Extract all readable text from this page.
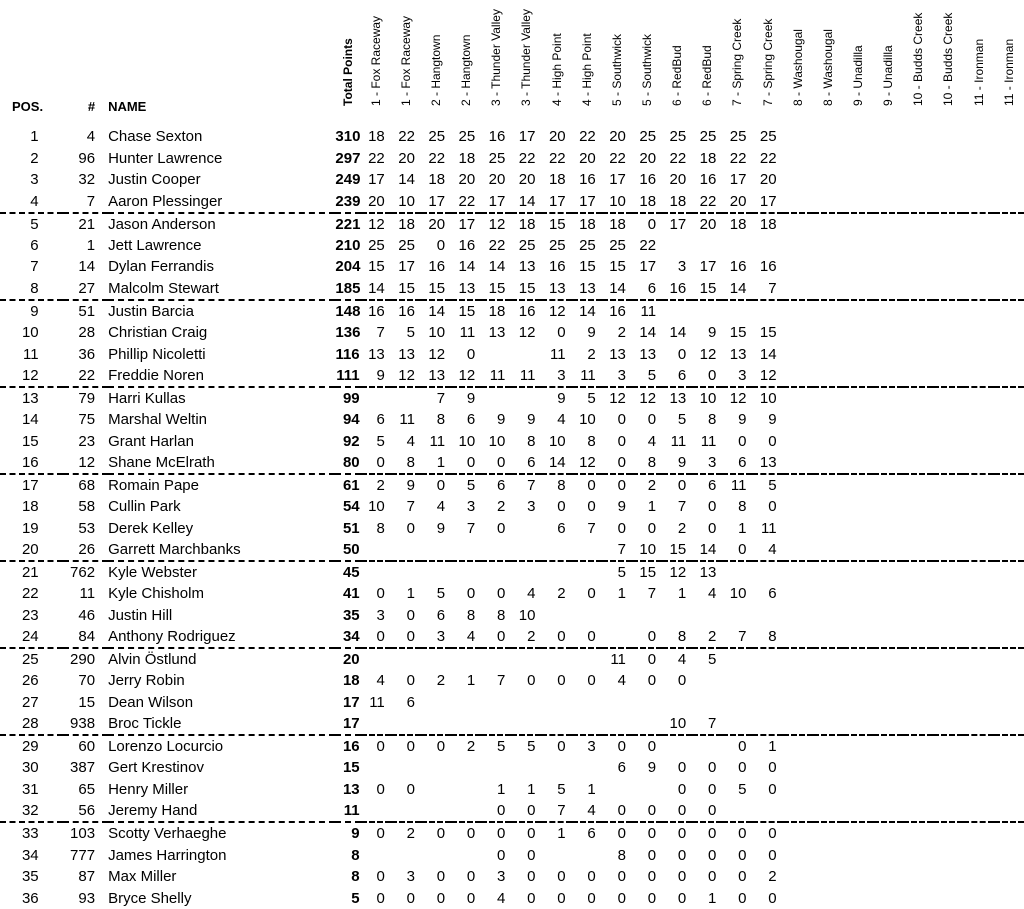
POS.	#	NAME	Total Points	1 - Fox Raceway	1 - Fox Raceway	2 - Hangtown	2 - Hangtown	3 - Thunder Valley	3 - Thunder Valley	4 - High Point	4 - High Point	5 - Southwick	5 - Southwick	6 - RedBud	6 - RedBud	7 - Spring Creek	7 - Spring Creek	8 - Washougal	8 - Washougal	9 - Unadilla	9 - Unadilla	10 - Budds Creek	10 - Budds Creek	11 - Ironman	11 - Ironman

1	4	Chase Sexton	310	18	22	25	25	16	17	20	22	20	25	25	25	25	25								
2	96	Hunter Lawrence	297	22	20	22	18	25	22	22	20	22	20	22	18	22	22								
3	32	Justin Cooper	249	17	14	18	20	20	20	18	16	17	16	20	16	17	20								
4	7	Aaron Plessinger	239	20	10	17	22	17	14	17	17	10	18	18	22	20	17								
5	21	Jason Anderson	221	12	18	20	17	12	18	15	18	18	0	17	20	18	18								
6	1	Jett Lawrence	210	25	25	0	16	22	25	25	25	25	22												
7	14	Dylan Ferrandis	204	15	17	16	14	14	13	16	15	15	17	3	17	16	16								
8	27	Malcolm Stewart	185	14	15	15	13	15	15	13	13	14	6	16	15	14	7								
9	51	Justin Barcia	148	16	16	14	15	18	16	12	14	16	11												
10	28	Christian Craig	136	7	5	10	11	13	12	0	9	2	14	14	9	15	15								
11	36	Phillip Nicoletti	116	13	13	12	0			11	2	13	13	0	12	13	14								
12	22	Freddie Noren	111	9	12	13	12	11	11	3	11	3	5	6	0	3	12								
13	79	Harri Kullas	99			7	9			9	5	12	12	13	10	12	10								
14	75	Marshal Weltin	94	6	11	8	6	9	9	4	10	0	0	5	8	9	9								
15	23	Grant Harlan	92	5	4	11	10	10	8	10	8	0	4	11	11	0	0								
16	12	Shane McElrath	80	0	8	1	0	0	6	14	12	0	8	9	3	6	13								
17	68	Romain Pape	61	2	9	0	5	6	7	8	0	0	2	0	6	11	5								
18	58	Cullin Park	54	10	7	4	3	2	3	0	0	9	1	7	0	8	0								
19	53	Derek Kelley	51	8	0	9	7	0		6	7	0	0	2	0	1	11								
20	26	Garrett Marchbanks	50									7	10	15	14	0	4								
21	762	Kyle Webster	45									5	15	12	13										
22	11	Kyle Chisholm	41	0	1	5	0	0	4	2	0	1	7	1	4	10	6								
23	46	Justin Hill	35	3	0	6	8	8	10																
24	84	Anthony Rodriguez	34	0	0	3	4	0	2	0	0		0	8	2	7	8								
25	290	Alvin Östlund	20									11	0	4	5										
26	70	Jerry Robin	18	4	0	2	1	7	0	0	0	4	0	0											
27	15	Dean Wilson	17	11	6																				
28	938	Broc Tickle	17											10	7										
29	60	Lorenzo Locurcio	16	0	0	0	2	5	5	0	3	0	0			0	1								
30	387	Gert Krestinov	15									6	9	0	0	0	0								
31	65	Henry Miller	13	0	0			1	1	5	1			0	0	5	0								
32	56	Jeremy Hand	11					0	0	7	4	0	0	0	0										
33	103	Scotty Verhaeghe	9	0	2	0	0	0	0	1	6	0	0	0	0	0	0								
34	777	James Harrington	8					0	0			8	0	0	0	0	0								
35	87	Max Miller	8	0	3	0	0	3	0	0	0	0	0	0	0	0	2								
36	93	Bryce Shelly	5	0	0	0	0	4	0	0	0	0	0	0	1	0	0								
